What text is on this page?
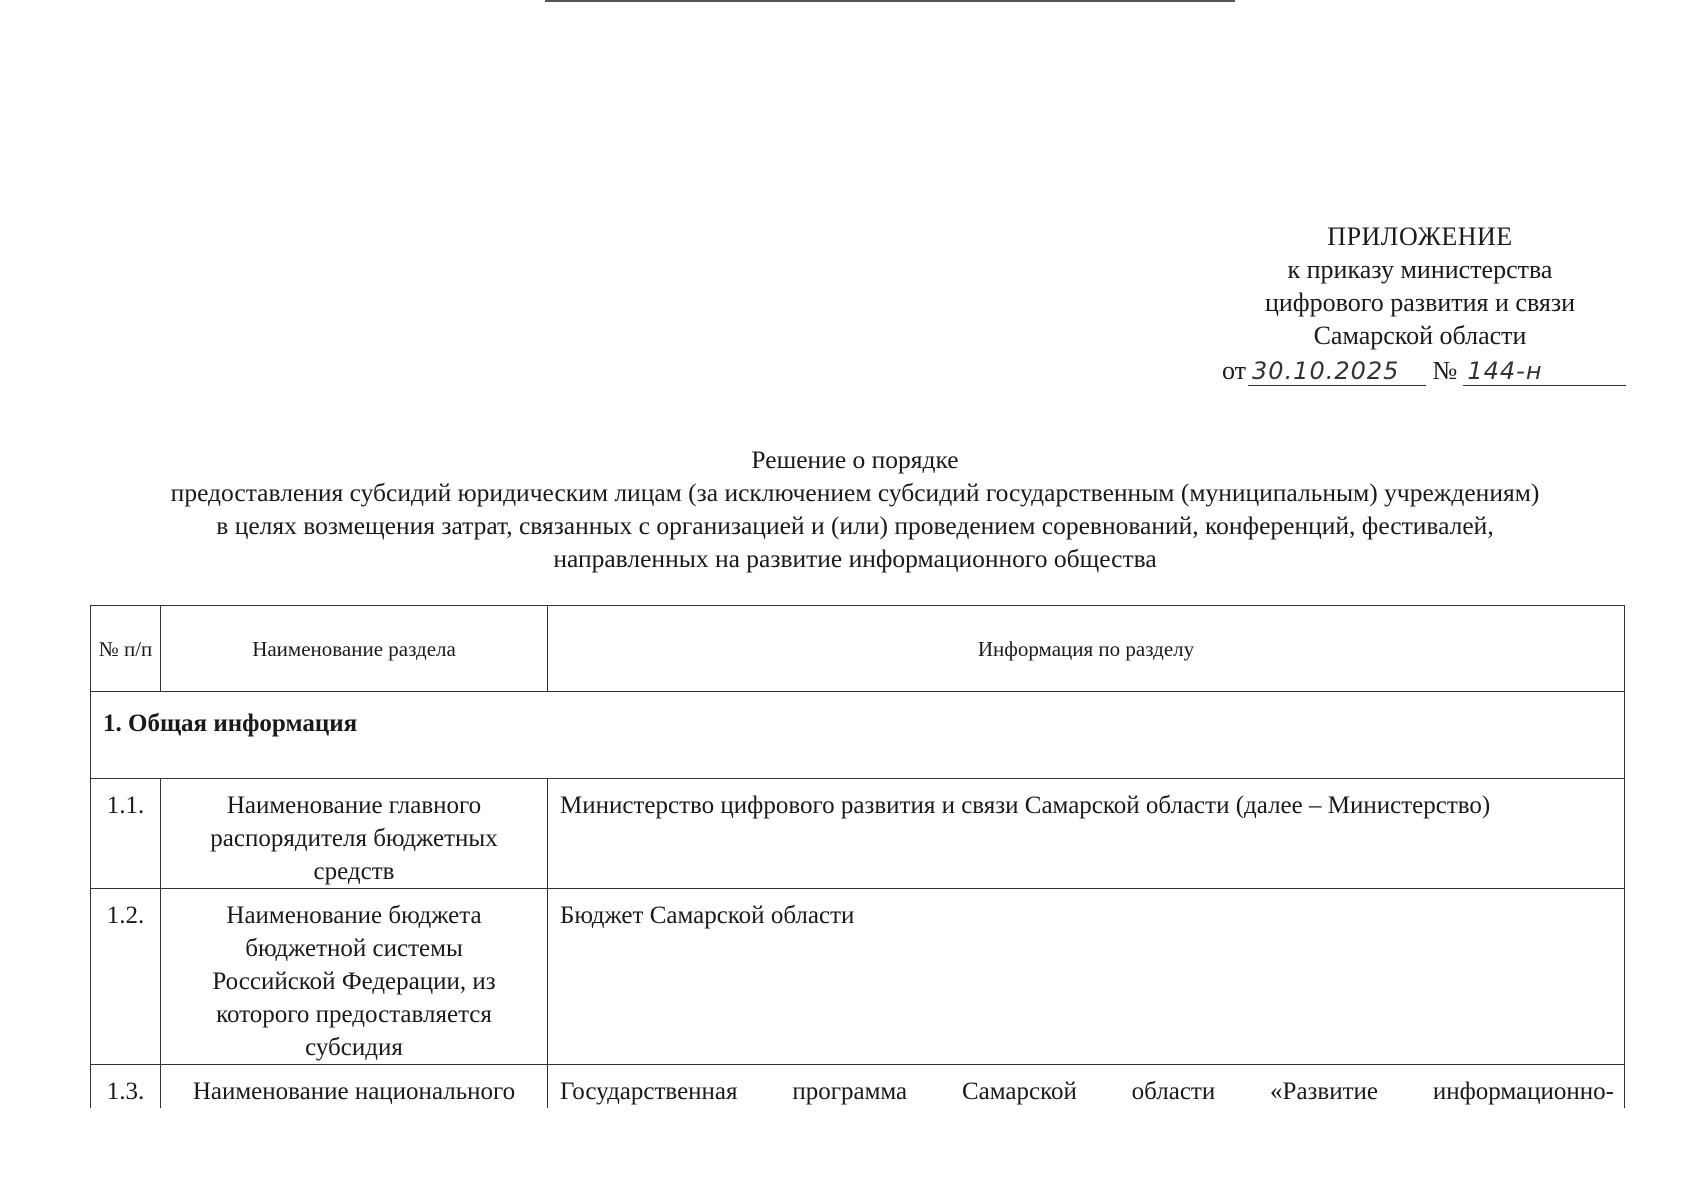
ПРИЛОЖЕНИЕ
к приказу министерства
цифрового развития и связи
Самарской области
от 30.10.2025 № 144-н
Решение о порядке
предоставления субсидий юридическим лицам (за исключением субсидий государственным (муниципальным) учреждениям)
в целях возмещения затрат, связанных с организацией и (или) проведением соревнований, конференций, фестивалей,
направленных на развитие информационного общества
№ п/п	Наименование раздела	Информация по разделу

1. Общая информация		

1.1.	Наименование главного распорядителя бюджетных средств	Министерство цифрового развития и связи Самарской области (далее – Министерство)
1.2.	Наименование бюджета бюджетной системы Российской Федерации, из которого предоставляется субсидия	Бюджет Самарской области
1.3.	Наименование национального	Государственная программа Самарской области «Развитие информационно-
